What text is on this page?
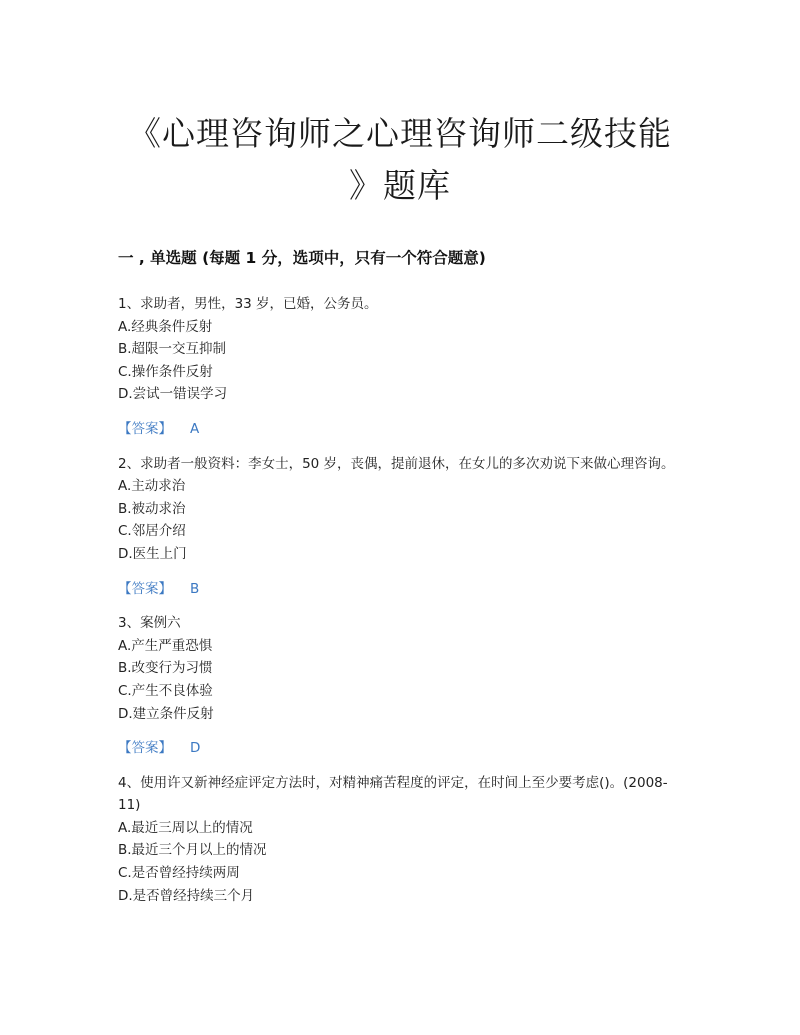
《心理咨询师之心理咨询师二级技能
》题库
一 , 单选题 (每题 1 分，选项中，只有一个符合题意)
1、求助者，男性，33 岁，已婚，公务员。
A.经典条件反射
B.超限一交互抑制
C.操作条件反射
D.尝试一错误学习
【答案】 A
2、求助者一般资料：李女士，50 岁，丧偶，提前退休，在女儿的多次劝说下来做心理咨询。
A.主动求治
B.被动求治
C.邻居介绍
D.医生上门
【答案】 B
3、案例六
A.产生严重恐惧
B.改变行为习惯
C.产生不良体验
D.建立条件反射
【答案】 D
4、使用许又新神经症评定方法时，对精神痛苦程度的评定，在时间上至少要考虑()。(2008-11)
A.最近三周以上的情况
B.最近三个月以上的情况
C.是否曾经持续两周
D.是否曾经持续三个月
